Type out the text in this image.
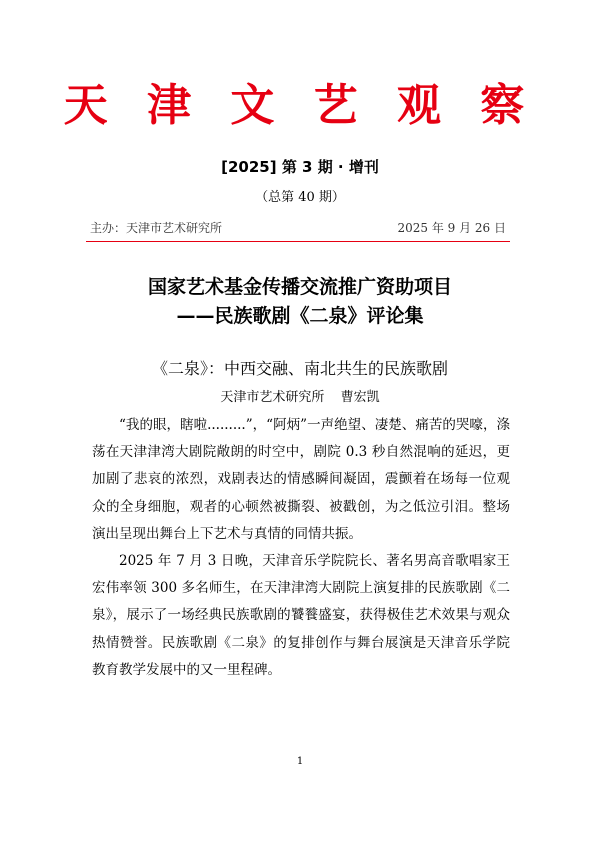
天 津 文 艺 观 察
[2025] 第 3 期 · 增刊
（总第 40 期）
主办：天津市艺术研究所	2025 年 9 月 26 日
国家艺术基金传播交流推广资助项目
——民族歌剧《二泉》评论集
《二泉》：中西交融、南北共生的民族歌剧
天津市艺术研究所 曹宏凯

“我的眼，瞎啦.........”，“阿炳”一声绝望、凄楚、痛苦的哭嚎，涤荡在天津津湾大剧院敞朗的时空中，剧院 0.3 秒自然混响的延迟，更加剧了悲哀的浓烈，戏剧表达的情感瞬间凝固，震颤着在场每一位观众的全身细胞，观者的心顿然被撕裂、被戳创，为之低泣引泪。整场演出呈现出舞台上下艺术与真情的同情共振。

2025 年 7 月 3 日晚，天津音乐学院院长、著名男高音歌唱家王宏伟率领 300 多名师生，在天津津湾大剧院上演复排的民族歌剧《二泉》，展示了一场经典民族歌剧的饕餮盛宴，获得极佳艺术效果与观众热情赞誉。民族歌剧《二泉》的复排创作与舞台展演是天津音乐学院教育教学发展中的又一里程碑。

1
